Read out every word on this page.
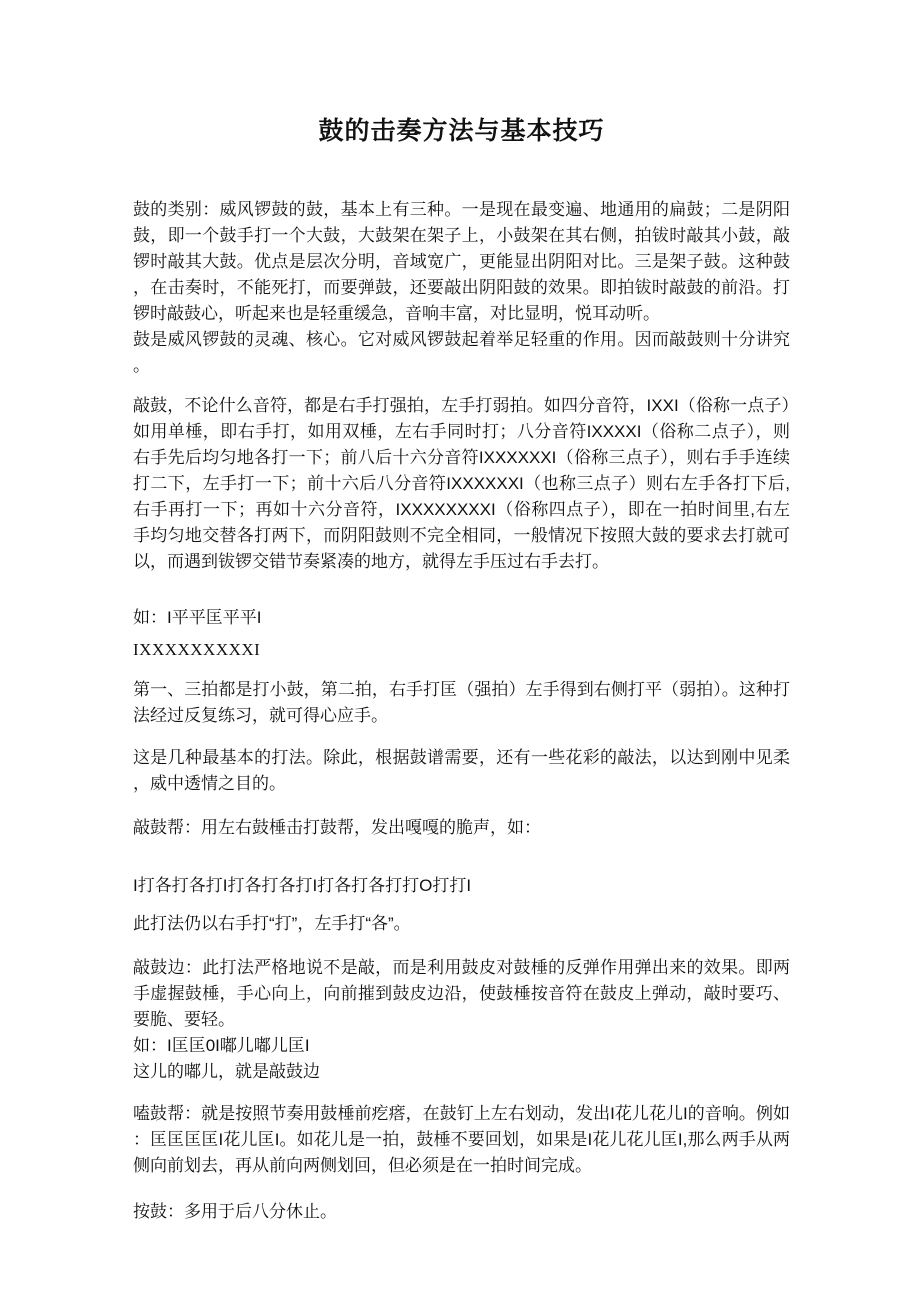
鼓的击奏方法与基本技巧

鼓的类别：威风锣鼓的鼓，基本上有三种。一是现在最变遍、地通用的扁鼓；二是阴阳鼓，即一个鼓手打一个大鼓，大鼓架在架子上，小鼓架在其右侧，拍钹时敲其小鼓，敲锣时敲其大鼓。优点是层次分明，音域宽广，更能显出阴阳对比。三是架子鼓。这种鼓，在击奏时，不能死打，而要弹鼓，还要敲出阴阳鼓的效果。即拍钹时敲鼓的前沿。打锣时敲鼓心，听起来也是轻重缓急，音响丰富，对比显明，悦耳动听。

鼓是威风锣鼓的灵魂、核心。它对威风锣鼓起着举足轻重的作用。因而敲鼓则十分讲究。

敲鼓，不论什么音符，都是右手打强拍，左手打弱拍。如四分音符，IXXI（俗称一点子）如用单棰，即右手打，如用双棰，左右手同时打；八分音符IXXXXI（俗称二点子），则右手先后均匀地各打一下；前八后十六分音符IXXXXXXI（俗称三点子），则右手手连续打二下，左手打一下；前十六后八分音符IXXXXXXI（也称三点子）则右左手各打下后,右手再打一下；再如十六分音符，IXXXXXXXXI（俗称四点子），即在一拍时间里,右左手均匀地交替各打两下，而阴阳鼓则不完全相同，一般情况下按照大鼓的要求去打就可以，而遇到钹锣交错节奏紧凑的地方，就得左手压过右手去打。

如：I平平匡平平I

IXXXXXXXXXI

第一、三拍都是打小鼓，第二拍，右手打匡（强拍）左手得到右侧打平（弱拍）。这种打法经过反复练习，就可得心应手。

这是几种最基本的打法。除此，根据鼓谱需要，还有一些花彩的敲法，以达到刚中见柔，威中透情之目的。

敲鼓帮：用左右鼓棰击打鼓帮，发出嘎嘎的脆声，如：

I打各打各打I打各打各打I打各打各打打O打打I

此打法仍以右手打“打”，左手打“各”。

敲鼓边：此打法严格地说不是敲，而是利用鼓皮对鼓棰的反弹作用弹出来的效果。即两手虚握鼓棰，手心向上，向前摧到鼓皮边沿，使鼓棰按音符在鼓皮上弹动，敲时要巧、要脆、要轻。

如：I匡匡0I嘟儿嘟儿匡I

这儿的嘟儿，就是敲鼓边

嗑鼓帮：就是按照节奏用鼓棰前疙瘩，在鼓钉上左右划动，发出I花儿花儿I的音响。例如：匡匡匡匡I花儿匡I。如花儿是一拍，鼓棰不要回划，如果是I花儿花儿匡I,那么两手从两侧向前划去，再从前向两侧划回，但必须是在一拍时间完成。

按鼓：多用于后八分休止。
